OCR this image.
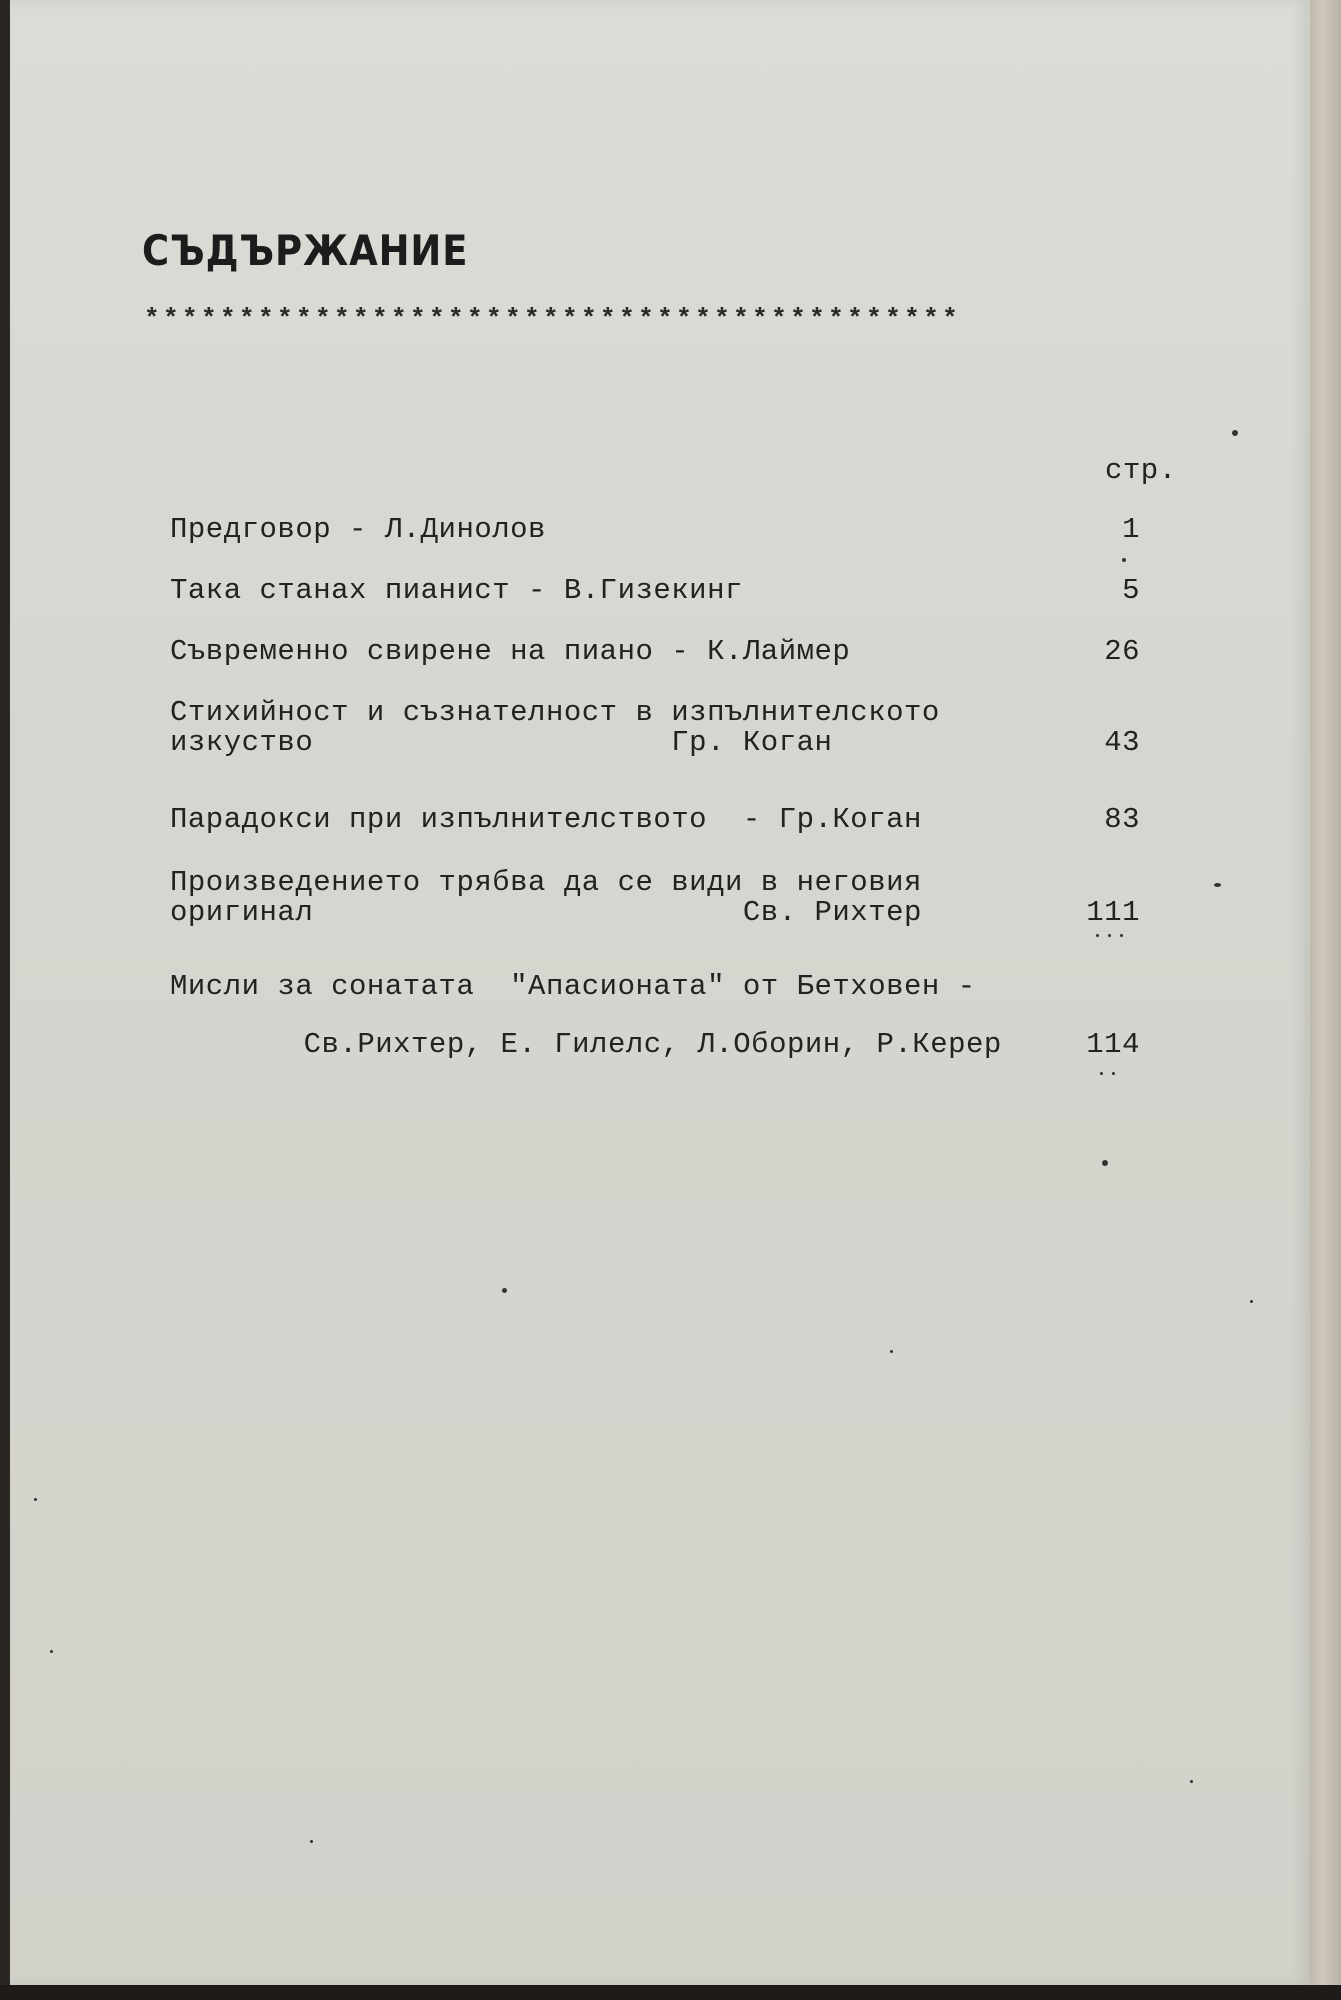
СЪДЪРЖАНИЕ
*******************************************
стр.
Предговор - Л.Динолов	1
Така станах пианист - В.Гизекинг	5
Съвременно свирене на пиано - К.Лаймер	26
Стихийност и съзнателност в изпълнителското
изкуство                    Гр. Коган	43
Парадокси при изпълнителството  - Гр.Коган	83
Произведението трябва да се види в неговия
оригинал                        Св. Рихтер	111
Мисли за сонатата  "Апасионата" от Бетховен -
Св.Рихтер, Е. Гилелс, Л.Оборин, Р.Керер	114
